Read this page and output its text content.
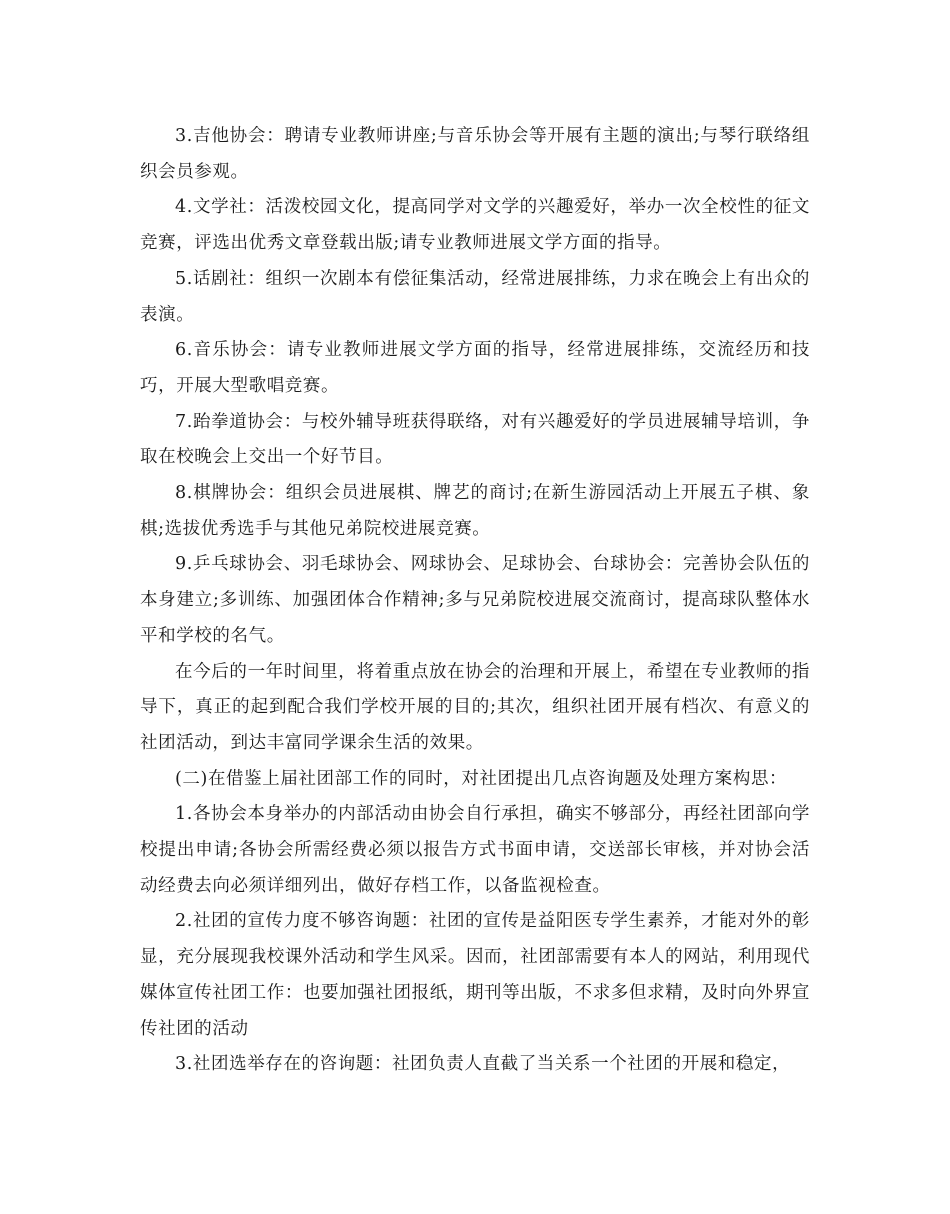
3.吉他协会：聘请专业教师讲座;与音乐协会等开展有主题的演出;与琴行联络组织会员参观。

4.文学社：活泼校园文化，提高同学对文学的兴趣爱好，举办一次全校性的征文竞赛，评选出优秀文章登载出版;请专业教师进展文学方面的指导。

5.话剧社：组织一次剧本有偿征集活动，经常进展排练，力求在晚会上有出众的表演。

6.音乐协会：请专业教师进展文学方面的指导，经常进展排练，交流经历和技巧，开展大型歌唱竞赛。

7.跆拳道协会：与校外辅导班获得联络，对有兴趣爱好的学员进展辅导培训，争取在校晚会上交出一个好节目。

8.棋牌协会：组织会员进展棋、牌艺的商讨;在新生游园活动上开展五子棋、象棋;选拔优秀选手与其他兄弟院校进展竞赛。

9.乒乓球协会、羽毛球协会、网球协会、足球协会、台球协会：完善协会队伍的本身建立;多训练、加强团体合作精神;多与兄弟院校进展交流商讨，提高球队整体水平和学校的名气。

在今后的一年时间里，将着重点放在协会的治理和开展上，希望在专业教师的指导下，真正的起到配合我们学校开展的目的;其次，组织社团开展有档次、有意义的社团活动，到达丰富同学课余生活的效果。

(二)在借鉴上届社团部工作的同时，对社团提出几点咨询题及处理方案构思：

1.各协会本身举办的内部活动由协会自行承担，确实不够部分，再经社团部向学校提出申请;各协会所需经费必须以报告方式书面申请，交送部长审核，并对协会活动经费去向必须详细列出，做好存档工作，以备监视检查。

2.社团的宣传力度不够咨询题：社团的宣传是益阳医专学生素养，才能对外的彰显，充分展现我校课外活动和学生风采。因而，社团部需要有本人的网站，利用现代媒体宣传社团工作：也要加强社团报纸，期刊等出版，不求多但求精，及时向外界宣传社团的活动

3.社团选举存在的咨询题：社团负责人直截了当关系一个社团的开展和稳定，
